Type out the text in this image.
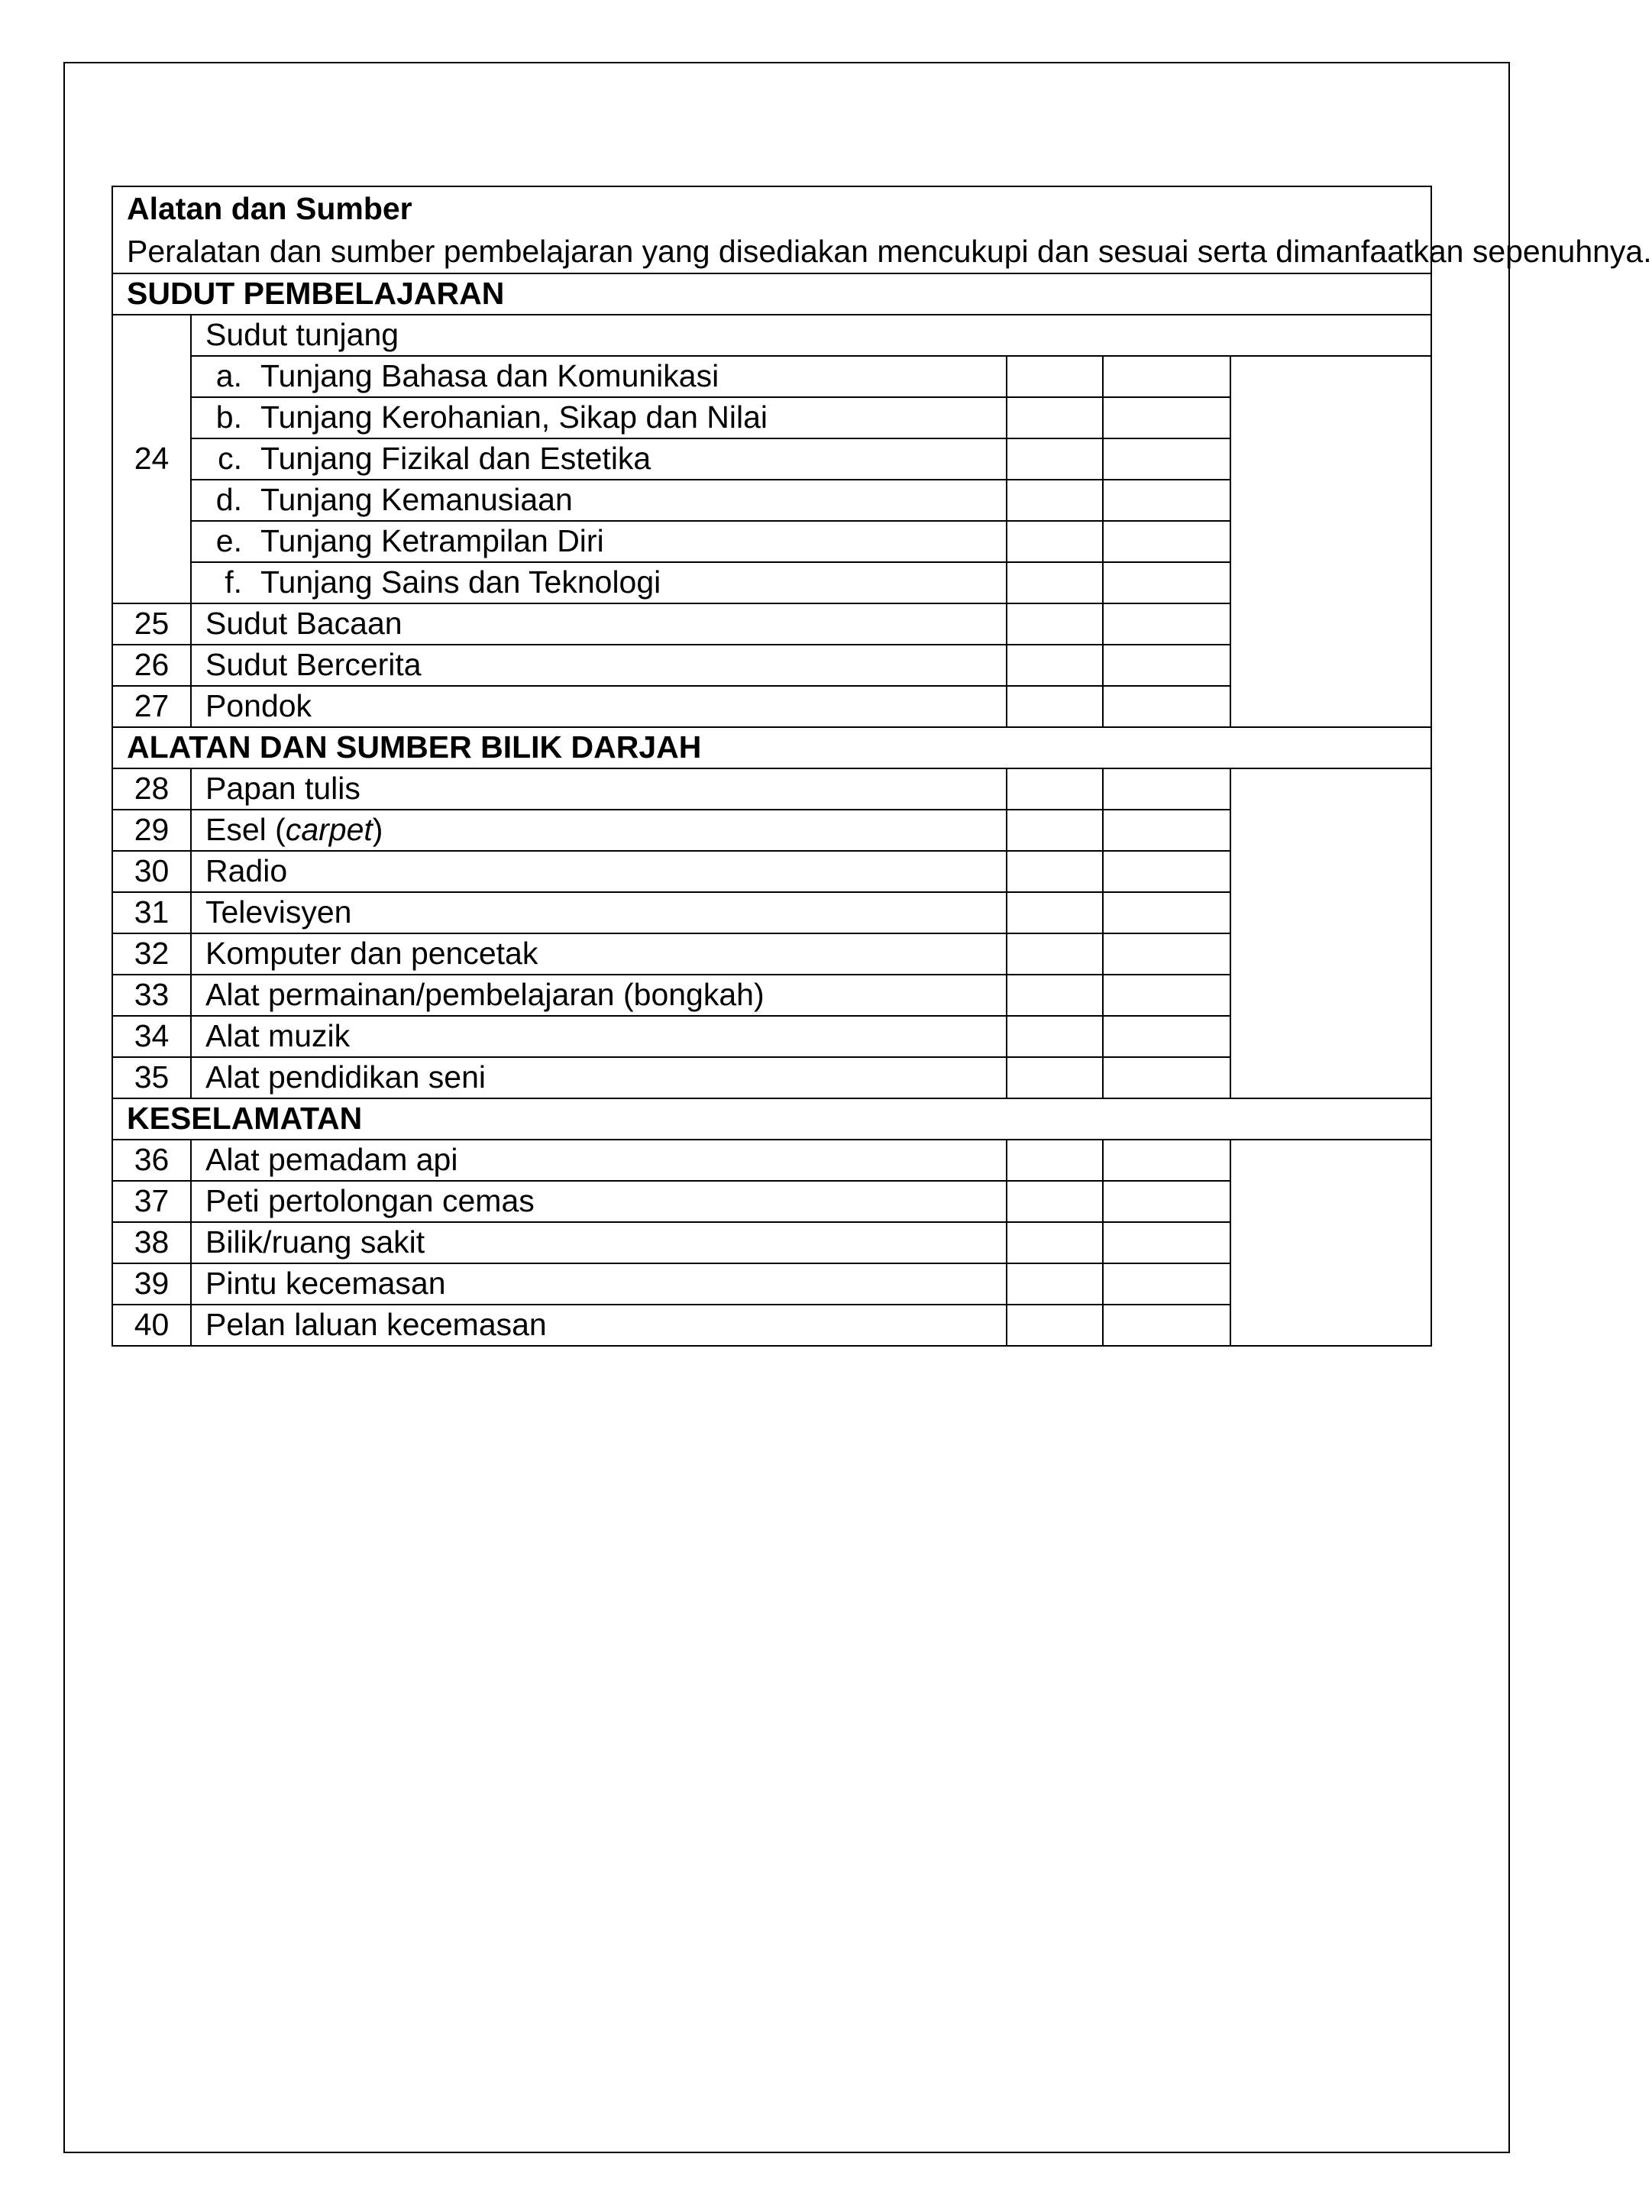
Alatan dan Sumber
Peralatan dan sumber pembelajaran yang disediakan mencukupi dan sesuai serta dimanfaatkan sepenuhnya.				

SUDUT PEMBELAJARAN				
24	Sudut tunjang			
	a. Tunjang Bahasa dan Komunikasi			
	b. Tunjang Kerohanian, Sikap dan Nilai			
	c. Tunjang Fizikal dan Estetika			
	d. Tunjang Kemanusiaan			
	e. Tunjang Ketrampilan Diri			
	f. Tunjang Sains dan Teknologi			
25	Sudut Bacaan			
26	Sudut Bercerita			
27	Pondok			
ALATAN DAN SUMBER BILIK DARJAH				
28	Papan tulis			
29	Esel (carpet)			
30	Radio			
31	Televisyen			
32	Komputer dan pencetak			
33	Alat permainan/pembelajaran (bongkah)			
34	Alat muzik			
35	Alat pendidikan seni			
KESELAMATAN				
36	Alat pemadam api			
37	Peti pertolongan cemas			
38	Bilik/ruang sakit			
39	Pintu kecemasan			
40	Pelan laluan kecemasan			
